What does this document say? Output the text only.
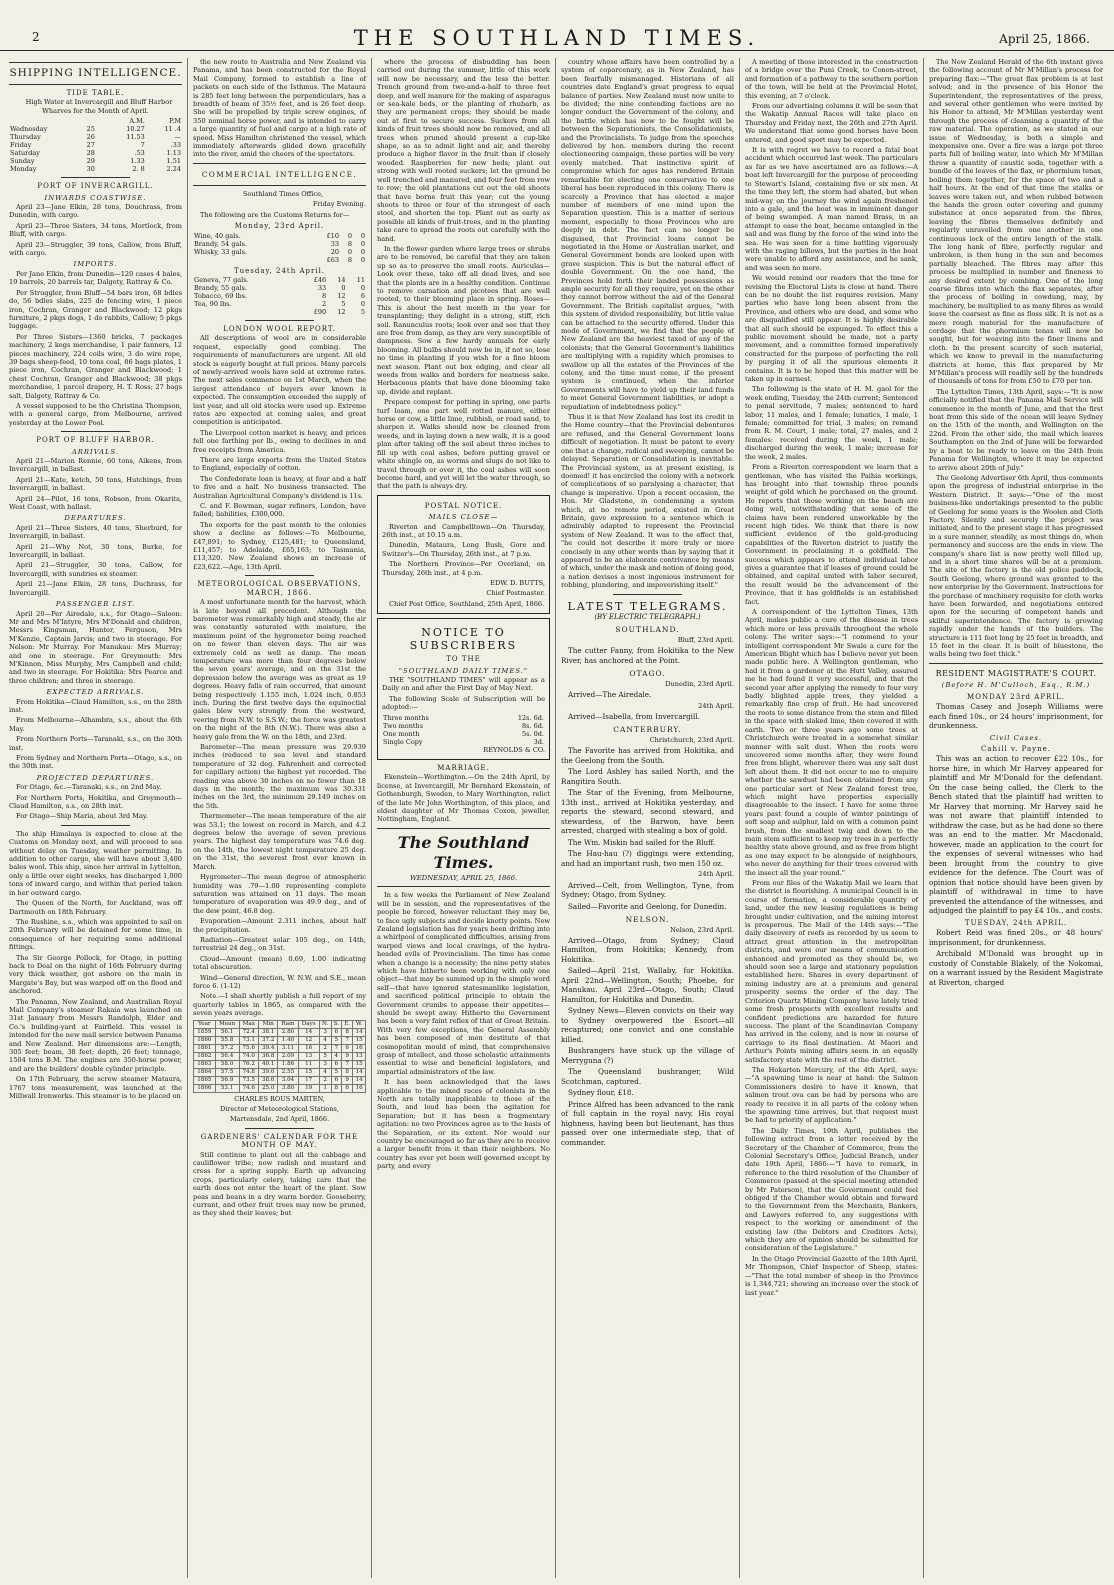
2	THE SOUTHLAND TIMES.	April 25, 1866.
SHIPPING INTELLIGENCE.
TIDE TABLE.

High Water at Invercargill and Bluff Harbor Wharves for the Month of April.

		A.M.	P.M
Wednesday	25	10.27	11 .4
Thursday	26	11.53	—
Friday	27	7	.33
Saturday	28	.53	1.13
Sunday	29	1.33	1.51
Monday	30	2. 8	2.24
PORT OF INVERCARGILL.
INWARDS COASTWISE.

April 23—Jane Elkin, 28 tons, Douchrass, from Dunedin, with cargo.

April 23—Three Sisters, 34 tons, Mortlock, from Bluff, with cargo.

April 23—Struggler, 39 tons, Callow, from Bluff, with cargo.

IMPORTS.

Per Jane Elkin, from Dunedin—120 cases 4 bales, 19 barrels, 20 barrels tar, Dalgety, Rattray & Co.

Per Struggler, from Bluff—54 bars iron, 68 bdles do, 56 bdles slabs, 225 do fencing wire, 1 piece iron, Cochran, Granger and Blackwood; 12 pkgs furniture, 2 pkgs dogs, 1 do rabbits, Callow; 5 pkgs luggage.

Per Three Sisters—1360 bricks, 7 packages machinery, 2 kegs merchandise, 1 pair fanners, 12 pieces machinery, 224 coils wire, 3 do wire rope, 39 bags sheep-feed, 10 tons coal, 86 bags plates, 1 piece iron, Cochran, Granger and Blackwood; 1 chest Cochran, Granger and Blackwood; 38 pkgs merchandise, 1 parcel drapery, H. T. Ross; 27 bags salt, Dalgety, Rattray & Co.

A vessel supposed to be the Christina Thompson, with a general cargo, from Melbourne, arrived yesterday at the Lower Pool.

PORT OF BLUFF HARBOR.
ARRIVALS.

April 21—Marion Rennie, 60 tons, Aikens, from Invercargill, in ballast.

April 21—Kate, ketch, 50 tons, Hutchings, from Invercargill, in ballast.

April 24—Pilot, 16 tons, Robson, from Okarita, West Coast, with ballast.

DEPARTURES.

April 21—Three Sisters, 40 tons, Sherburd, for Invercargill, in ballast.

April 21—Why Not, 30 tons, Burke, for Invercargill, in ballast.

April 21—Struggler, 30 tons, Callow, for Invercargill, with sundries ex steamer.

April 21—Jane Elkin, 28 tons, Duchrass, for Invercargill.

PASSENGER LIST.

April 20—Per Airedale, s.s., for Otago—Saloon: Mr and Mrs M'Intyre, Mrs M'Donald and children, Messrs Kingsman, Hunter, Ferguson, Mrs M'Kenzie, Captain Jarvis; and two in steerage. For Nelson: Mr Murray. For Manukau: Mrs Murray; and one in steerage. For Greymouth: Mrs M'Kinnon, Miss Murphy, Mrs Campbell and child; and two in steerage. For Hokitika: Mrs Pearce and three children; and three in steerage.

EXPECTED ARRIVALS.

From Hokitika—Claud Hamilton, s.s., on the 28th inst.

From Melbourne—Alhambra, s.s., about the 6th May.

From Northern Ports—Taranaki, s.s., on the 30th inst.

From Sydney and Northern Ports—Otago, s.s., on the 30th inst.

PROJECTED DEPARTURES.

For Otago, &c.—Taranaki, s.s., on 2nd May.

For Northern Ports, Hokitika, and Greymouth—Claud Hamilton, s.s., on 28th inst.

For Otago—Ship Maria, about 3rd May.

The ship Himalaya is expected to close at the Customs on Monday next, and will proceed to sea without delay on Tuesday, weather permitting. In addition to other cargo, she will have about 3,400 bales wool. This ship, since her arrival in Lyttelton, only a little over eight weeks, has discharged 1,000 tons of inward cargo, and within that period taken in her outward cargo.

The Queen of the North, for Auckland, was off Dartmouth on 18th February.

The Rushine, s.s., which was appointed to sail on 20th February will be detained for some time, in consequence of her requiring some additional fittings.

The Sir George Pollock, for Otago, in putting back to Deal on the night of 16th February during very thick weather, got ashore on the main in Margate's Bay, but was warped off on the flood and anchored.

The Panama, New Zealand, and Australian Royal Mail Company's steamer Rakaia was launched on 31st January from Messrs Randolph, Elder and Co.'s building-yard at Fairfield. This vessel is intended for the new mail service between Panama and New Zealand. Her dimensions are:—Length, 305 feet; beam, 38 feet; depth, 26 feet; tonnage, 1504 tons B.M. The engines are 350-horse power, and are the builders' double cylinder principle.

On 17th February, the screw steamer Mataura, 1767 tons measurement, was launched at the Millwall Ironworks. This steamer is to be placed on

the new route to Australia and New Zealand via Panama, and has been constructed for the Royal Mail Company, formed to establish a line of packets on each side of the Isthmus. The Mataura is 285 feet long between the perpendiculars, has a breadth of beam of 35½ feet, and is 26 feet deep. She will be propelled by triple screw engines, of 350 nominal horse power, and is intended to carry a large quantity of fuel and cargo at a high rate of speed. Miss Hamilton christened the vessel, which immediately afterwards glided down gracefully into the river, amid the cheers of the spectators.

COMMERCIAL INTELLIGENCE.

Southland Times Office,

Friday Evening.

The following are the Customs Returns for—

Monday, 23rd April.
Wine, 40 gals.	£10	0	0
Brandy, 54 gals.	33	8	0
Whisky, 33 gals.	20	0	0
	£63	8	0
Tuesday, 24th April.
Geneva, 77 gals.	£46	14	11
Brandy, 55 gals.	33	0	0
Tobacco, 69 lbs.	8	12	6
Tea, 90 lbs.	2	5	0
	£90	12	5
LONDON WOOL REPORT.

All descriptions of wool are in considerable request, especially good combing. The requirements of manufacturers are urgent. All old stock is eagerly bought at full prices. Many parcels of newly-arrived wools have sold at extreme rates. The next sales commence on 1st March, when the largest attendance of buyers ever known is expected. The consumption exceeded the supply of last year, and all old stocks were used up. Extreme rates are expected at coming sales, and great competition is anticipated.

The Liverpool cotton market is heavy, and prices fell one farthing per lb., owing to declines in and free receipts from America.

There are large exports from the United States to England, especially of cotton.

The Confederate loan is heavy, at four and a half to five and a half. No business transacted. The Australian Agricultural Company's dividend is 11s.

C. and F. Bowman, sugar refiners, London, have failed; liabilities, £300,000.

The exports for the past month to the colonies show a decline as follows:—To Melbourne, £47,891; to Sydney, £125,481; to Queensland, £11,457; to Adelaide, £65,163; to Tasmania, £13,320. New Zealand shows an increase of £23,622.—Age, 13th April.

METEOROLOGICAL OBSERVATIONS, MARCH, 1866.

A most unfortunate month for the harvest, which is late beyond all precedent. Although the barometer was remarkably high and steady, the air was constantly saturated with moisture, the maximum point of the hygrometer being reached on no fewer than eleven days. The air was extremely cold as well as damp. The mean temperature was more than four degrees below the seven years' average, and on the 31st the depression below the average was as great as 19 degrees. Heavy falls of rain occurred, that amount being respectively 1.155 inch, 1.024 inch, 0.853 inch. During the first twelve days the equinoctial gales blew very strongly from the westward, veering from N.W. to S.S.W.; the force was greatest on the night of the 8th (N.W.). There was also a heavy gale from the W. on the 18th, and 23rd.

Barometer—The mean pressure was 29.939 inches (reduced to sea level and standard temperature of 32 deg. Fahrenheit and corrected for capillary action) the highest yet recorded. The reading was above 30 inches on no fewer than 18 days in the month; the maximum was 30.331 inches on the 3rd, the minimum 29.149 inches on the 5th.

Thermometer—The mean temperature of the air was 53.1; the lowest on record in March, and 4.2 degrees below the average of seven previous years. The highest day temperature was 74.6 deg. on the 14th, the lowest night temperature 25 deg. on the 31st, the severest frost ever known in March.

Hygrometer—The mean degree of atmospheric humidity was .79—1.00 representing complete saturation was attained on 11 days. The mean temperature of evaporation was 49.9 deg., and of the dew point, 46.8 deg.

Evaporation—Amount 2.311 inches, about half the precipitation.

Radiation—Greatest solar 105 deg., on 14th, terrestrial 24 deg., on 31st.

Cloud—Amount (mean) 0.69, 1.00 indicating total obscuration.

Wind—General direction, W. N.W. and S.E., mean force 6. (1-12)

Note.—I shall shortly publish a full report of my quarterly tables in 1865, as compared with the seven years average.

Year	Mean	Max	Min	Rain	Days	N.	S.	E.	W.
1859	56.1	72.4	38.1	2.80	14	3	6	8	14
1860	55.8	73.1	37.2	1.40	12	4	5	7	15
1861	57.2	75.6	39.4	3.11	16	2	7	6	16
1862	56.4	74.0	36.8	2.09	13	5	4	9	13
1863	58.0	76.2	40.1	1.86	11	3	6	7	15
1864	57.5	74.8	39.0	2.55	15	4	5	8	14
1865	56.9	73.5	38.6	3.04	17	2	6	9	14
1866	53.1	74.6	25.0	3.80	19	1	8	6	16
CHARLES ROUS MARTEN,
Director of Meteorological Stations,
Martensdale, 2nd April, 1866.
GARDENERS' CALENDAR FOR THE MONTH OF MAY.

Still continue to plant out all the cabbage and cauliflower tribe; now radish and mustard and cress for a spring supply. Earth up advancing crops, particularly celery, taking care that the earth does not enter the heart of the plant. Sow peas and beans in a dry warm border. Gooseberry, currant, and other fruit trees may now be pruned, as they shed their leaves; but

where the process of disbudding has been carried out during the summer, little of this work will now be necessary, and the less the better. Trench ground from two-and-a-half to three feet deep, and well manure for the making of asparagus or sea-kale beds, or the planting of rhubarb, as they are permanent crops; they should be made out at first to secure success. Suckers from all kinds of fruit trees should now be removed, and all trees when pruned should present a cup-like shape, so as to admit light and air, and thereby produce a higher flavor in the fruit than if closely wooded. Raspberries for new beds; plant out strong with well rooted suckers; let the ground be well trenched and manured, and four feet from row to row; the old plantations cut out the old shoots that have borne fruit this year; cut the young shoots to three or four of the strongest of each stool, and shorten the top. Plant out as early as possible all kinds of fruit-trees, and in the planting take care to spread the roots out carefully with the hand.

In the flower garden where large trees or shrubs are to be removed, be careful that they are taken up so as to preserve the small roots. Auriculas—Look over these, take off all dead lives, and see that the plants are in a healthy condition. Continue to remove carnation and picotees that are well rooted, to their blooming place in spring. Roses—This is about the best month in the year for transplanting; they delight in a strong, stiff, rich soil. Ranunculus roots; look over and see that they are free from damp, as they are very susceptible of dampness. Sow a few hardy annuals for early blooming. All bulbs should now be in, if not so, lose no time in planting if you wish for a fine bloom next season. Plant out box edging, and clear all weeds from walks and borders for neatness sake. Herbaceous plants that have done blooming take up, divide and replant.

Prepare compost for potting in spring, one parts turf loam, one part well rotted manure, either horse or cow, a little lime, rubbish, or road sand, to sharpen it. Walks should now be cleaned from weeds, and in laying down a new walk, it is a good plan after taking off the soil about three inches to fill up with coal ashes, before putting gravel or white shingle on, as worms and slugs do not like to travel through or over it, the coal ashes will soon become hard, and yet will let the water through, so that the path is always dry.

POSTAL NOTICE.
MAILS CLOSE—

Riverton and Campbelltown—On Thursday, 26th inst., at 10.15 a.m.

Dunedin, Mataura, Long Bush, Gore and Switzer's—On Thursday, 26th inst., at 7 p.m.

The Northern Province—Per Overland, on Thursday, 26th inst., at 4 p.m.

EDW. D. BUTTS,

Chief Postmaster.

Chief Post Office, Southland, 25th April, 1866.

NOTICE TO SUBSCRIBERS
TO THE
"SOUTHLAND DAILY TIMES."

THE "SOUTHLAND TIMES" will appear as a Daily on and after the First Day of May Next.

The following Scale of Subscription will be adopted:—

Three months	12s. 6d.
Two months	8s. 6d.
One month	5s. 0d.
Single Copy	3d.

REYNOLDS & CO.

MARRIAGE.

Ekenstein—Worthington.—On the 24th April, by license, at Invercargill, Mr Bernhard Ekenstein, of Gothenburgh, Sweden, to Mary Worthington, relict of the late Mr John Worthington, of this place, and eldest daughter of Mr Thomas Coxon, jeweller, Nottingham, England.

The Southland Times.
WEDNESDAY, APRIL 25, 1866.

In a few weeks the Parliament of New Zealand will be in session, and the representatives of the people be forced, however reluctant they may be, to face ugly subjects and decide knotty points. New Zealand legislation has for years been drifting into a whirlpool of complicated difficulties, arising from warped views and local cravings, of the hydra-headed evils of Provincialism. The time has come when a change is a necessity; the nine petty states which have hitherto been working with only one object—that may be summed up in the simple word self—that have ignored statesmanlike legislation, and sacrificed political principle to obtain the Government crumbs to appease their appetites—should be swept away. Hitherto the Government has been a very faint reflex of that of Great Britain. With very few exceptions, the General Assembly has been composed of men destitute of that cosmopolitan mould of mind, that comprehensive grasp of intellect, and those scholastic attainments essential to wise and beneficial legislators, and impartial administrators of the law.

It has been acknowledged that the laws applicable to the mixed races of colonists in the North are totally inapplicable to those of the South, and loud has been the agitation for Separation; but it has been a fragmentary agitation: no two Provinces agree as to the basis of the Separation, or its extent. Nor would our country be encouraged so far as they are to receive a larger benefit from it than their neighbors. No country has ever yet been well governed except by party, and every

country whose affairs have been controlled by a system of coparcenary, as in New Zealand, has been fearfully mismanaged. Historians of all countries date England's great progress to equal balance of parties. New Zealand must now unite to be divided; the nine contending factions are no longer conduct the Government of the colony, and the battle which has now to be fought will be between the Separationists, the Consolidationists, and the Provincialists. To judge from the speeches delivered by hon. members during the recent electioneering campaign, these parties will be very evenly matched. That instinctive spirit of compromise which for ages has rendered Britain remarkable for electing one conservative to one liberal has been reproduced in this colony. There is scarcely a Province that has elected a major number of members of one mind upon the Separation question. This is a matter of serious moment, especially to those Provinces who are deeply in debt. The fact can no longer be disguised, that Provincial loans cannot be negotiated in the Home or Australian market, and General Government bonds are looked upon with grave suspicion. This is but the natural effect of double Government. On the one hand, the Provinces hold forth their landed possessions as ample security for all they require, yet on the other they cannot borrow without the aid of the General Government. The British capitalist argues, "with this system of divided responsibility, but little value can be attached to the security offered. Under this mode of Government, we find that the people of New Zealand are the heaviest taxed of any of the colonists; that the General Government's liabilities are multiplying with a rapidity which promises to swallow up all the estates of the Provinces of the colony, and the time must come, if the present system is continued, when the inferior Governments will have to yield up their land funds to meet General Government liabilities, or adopt a repudiation of indebtedness policy."

Thus it is that New Zealand has lost its credit in the Home country—that the Provincial debentures are refused, and the General Government loans difficult of negotiation. It must be patent to every one that a change, radical and sweeping, cannot be delayed. Separation or Consolidation is inevitable. The Provincial system, as at present existing, is doomed! it has encircled the colony with a network of complications of so paralysing a character, that change is imperative. Upon a recent occasion, the Hon. Mr Gladstone, in condemning a system which, at no remote period, existed in Great Britain, gave expression to a sentence which is admirably adapted to represent the Provincial system of New Zealand. It was to the effect that, "he could not describe it more truly or more concisely in any other words than by saying that it appeared to be an elaborate contrivance by means of which, under the mask and notion of doing good, a nation devises a most ingenious instrument for robbing, plundering, and impoverishing itself."

LATEST TELEGRAMS.
(BY ELECTRIC TELEGRAPH.)
SOUTHLAND.

Bluff, 23rd April.

The cutter Fanny, from Hokitika to the New River, has anchored at the Point.

OTAGO.

Dunedin, 23rd April.

Arrived—The Airedale.

24th April.

Arrived—Isabella, from Invercargill.

CANTERBURY.

Christchurch, 23rd April.

The Favorite has arrived from Hokitika, and the Geelong from the South.

The Lord Ashley has sailed North, and the Rangitira South.

The Star of the Evening, from Melbourne, 13th inst., arrived at Hokitika yesterday, and reports the steward, second steward, and stewardess, of the Barwon, have been arrested, charged with stealing a box of gold.

The Wm. Miskin had sailed for the Bluff.

The Hau-hau (?) diggings were extending, and had an important rush, two men 150 oz.

24th April.

Arrived—Celt, from Wellington, Tyne, from Sydney; Otago, from Sydney.

Sailed—Favorite and Geelong, for Dunedin.

NELSON.

Nelson, 23rd April.

Arrived—Otago, from Sydney; Claud Hamilton, from Hokitika; Kennedy, from Hokitika.

Sailed—April 21st, Wallaby, for Hokitika. April 22nd—Wellington, South; Phoebe, for Manukau. April 23rd—Otago, South; Claud Hamilton, for Hokitika and Dunedin.

Sydney News—Eleven convicts on their way to Sydney overpowered the Escort—all recaptured; one convict and one constable killed.

Bushrangers have stuck up the village of Merryguna (?)

The Queensland bushranger, Wild Scotchman, captured.

Sydney flour, £18.

Prince Alfred has been advanced to the rank of full captain in the royal navy. His royal highness, having been but lieutenant, has thus passed over one intermediate step, that of commander.

A meeting of those interested in the construction of a bridge over the Puni Creek, to Conon-street, and formation of a pathway to the southern portion of the town, will be held at the Provincial Hotel, this evening, at 7 o'clock.

From our advertising columns it will be seen that the Wakatip Annual Races will take place on Thursday and Friday next, the 26th and 27th April. We understand that some good horses have been entered, and good sport may be expected.

It is with regret we have to record a fatal boat accident which occurred last week. The particulars as far as we have ascertained are as follows:—A boat left Invercargill for the purpose of proceeding to Stewart's Island, containing five or six men. At the time they left, the storm had abated, but when mid-way on the journey the wind again freshened into a gale, and the boat was in imminent danger of being swamped. A man named Brass, in an attempt to ease the boat, became entangled in the sail and was flung by the force of the wind into the sea. He was seen for a time battling vigorously with the raging billows, but the parties in the boat were unable to afford any assistance, and he sank, and was seen no more.

We would remind our readers that the time for revising the Electoral Lists is close at hand. There can be no doubt the list requires revision. Many parties who have long been absent from the Province, and others who are dead, and some who are disqualified still appear. It is highly desirable that all such should be expunged. To effect this a public movement should be made, not a party movement, and a committee formed imperatively constructed for the purpose of perfecting the roll by purging it of all the spurious elements it contains. It is to be hoped that this matter will be taken up in earnest.

The following is the state of H. M. gaol for the week ending, Tuesday, the 24th current; Sentenced to penal servitude, 7 males; sentenced to hard labor, 11 males, and 1 female; lunatics, 1 male, 1 female; committed for trial, 3 males; on remand from R. M. Court, 1 male; total, 27 males, and 2 females: received during the week, 1 male; discharged during the week, 1 male; increase for the week, 2 males.

From a Riverton correspondent we learn that a gentleman, who has visited the Paihia workings, has brought into that township three pounds weight of gold which he purchased on the ground. He reports that those working on the beach are doing well, notwithstanding that some of the claims have been rendered unworkable by the recent high tides. We think that there is now sufficient evidence of the gold-producing capabilities of the Riverton district to justify the Government in proclaiming it a goldfield. The success which appears to attend individual labor gives a guarantee that if leases of ground could be obtained, and capital united with labor secured, the result would be the advancement of the Province, that it has goldfields is an established fact.

A correspondent of the Lyttelton Times, 13th April, makes public a cure of the disease in trees which more or less prevails throughout the whole colony. The writer says:—"I commend to your intelligent correspondent Mr Swale a cure for the American Blight which has I believe never yet been made public here. A Wellington gentleman, who had it from a gardener at the Hutt Valley, assured me he had found it very successful, and that the second year after applying the remedy to four very badly blighted apple trees, they yielded a remarkably fine crop of fruit. He had uncovered the roots to some distance from the stem and filled in the space with slaked lime, then covered it with earth. Two or three years ago some trees at Christchurch were treated in a somewhat similar manner with salt dust. When the roots were uncovered some months after, they were found free from blight, wherever there was any salt dust left about them. It did not occur to me to enquire whether the sawdust had been obtained from any one particular sort of New Zealand forest tree, which might have properties especially disagreeable to the insect. I have for some three years past found a couple of winter paintings of soft soap and sulphur, laid on with a common paint brush, from the smallest twig and down to the main stem sufficient to keep my trees in a perfectly healthy state above ground, and as free from blight as one may expect to be alongside of neighbours, who never do anything for their trees covered with the insect all the year round."

From our files of the Wakatip Mail we learn that the district is flourishing. A municipal Council is in course of formation, a considerable quantity of land, under the new leasing regulations is being brought under cultivation, and the mining interest is prosperous. The Mail of the 14th says:—"The daily discovery of reefs as recorded by us seem to attract great attention in the metropolitan districts, and were our means of communication enhanced and promoted as they should be, we should soon see a large and stationary population established here. Shares in every department of mining industry are at a premium and general prosperity seems the order of the day. The Criterion Quartz Mining Company have lately tried some fresh prospects with excellent results and confident predictions are hazarded for future success. The plant of the Scandinavian Company has arrived in the colony, and is now in course of carriage to its final destination. At Maori and Arthur's Points mining affairs seem in an equally satisfactory state with the rest of the district.

The Hokarten Mercury, of the 4th April, says:—"A spawning time is near at hand: the Salmon Commissioners desire to have it known, that salmon trout ova can be had by persons who are ready to receive it in all parts of the colony when the spawning time arrives, but that request must be had to priority of application."

The Daily Times, 19th April, publishes the following extract from a letter received by the Secretary of the Chamber of Commerce, from the Colonial Secretary's Office, Judicial Branch, under date 19th April, 1866:—"I have to remark, in reference to the third resolution of the Chamber of Commerce (passed at the special meeting attended by Mr Paterson), that the Government could feel obliged if the Chamber would obtain and forward to the Government from the Merchants, Bankers, and Lawyers referred to, any suggestions with respect to the working or amendment of the existing law (the Debtors and Creditors Acts), which they are of opinion should be submitted for consideration of the Legislature."

In the Otago Provincial Gazette of the 18th April, Mr Thompson, Chief Inspector of Sheep, states:—"That the total number of sheep in the Province is 1,344,721; showing an increase over the stock of last year."

The New Zealand Herald of the 6th instant gives the following account of Mr M'Millan's process for preparing flax:—"The great flax problem is at last solved; and in the presence of his Honor the Superintendent, the representatives of the press, and several other gentlemen who were invited by his Honor to attend, Mr M'Millan yesterday went through the process of cleansing a quantity of the raw material. The operation, as we stated in our issue of Wednesday, is both a simple and inexpensive one. Over a fire was a large pot three parts full of boiling water, into which Mr M'Millan threw a quantity of caustic soda, together with a bundle of the leaves of the flax, or phormium tenax, boiling them together, for the space of two and a half hours. At the end of that time the stalks or leaves were taken out, and when rubbed between the hands the green outer covering and gummy substance at once separated from the fibres, leaving the fibres themselves definitely and regularly unravelled from one another in one continuous lock of the entire length of the stalk. The long hank of fibre, perfectly regular and unbroken, is then hung in the sun and becomes partially bleached. The fibres may after this process be multiplied in number and fineness to any desired extent by combing. One of the long coarse fibres into which the flax separates, after the process of boiling in cowdung, may, by machinery, be multiplied to as many fibres as would leave the coarsest as fine as floss silk. It is not as a mere rough material for the manufacture of cordage that the phormium tenax will now be sought, but for weaving into the finer linens and cloth. In the present scarcity of such material, which we know to prevail in the manufacturing districts at home, this flax prepared by Mr M'Millan's process will readily sell by the hundreds of thousands of tons for from £50 to £70 per ton.

The Lyttelton Times, 13th April, says:—"It is now officially notified that the Panama Mail Service will commence in the month of June, and that the first boat from this side of the ocean will leave Sydney on the 15th of the month, and Wellington on the 22nd. From the other side, the mail which leaves Southampton on the 2nd of June will be forwarded by a boat to be ready to leave on the 24th from Panama for Wellington, where it may be expected to arrive about 20th of July."

The Geelong Advertiser 6th April, thus comments upon the progress of industrial enterprise in the Western District. It says:—"One of the most business-like undertakings presented to the public of Geelong for some years is the Woolen and Cloth Factory. Silently and securely the project was initiated, and to the present stage it has progressed in a sure manner, steadily, as most things do, when permanency and success are the ends in view. The company's share list is now pretty well filled up, and in a short time shares will be at a premium. The site of the factory is the old police paddock, South Geelong, where ground was granted to the new enterprise by the Government. Instructions for the purchase of machinery requisite for cloth works have been forwarded, and negotiations entered upon for the securing of competent hands and skilful superintendence. The factory is growing rapidly under the hands of the builders. The structure is 111 feet long by 25 feet in breadth, and 15 feet in the clear. It is built of bluestone, the walls being two feet thick."

RESIDENT MAGISTRATE'S COURT.
(Before H. M'Culloch, Esq., R.M.)
MONDAY 23rd APRIL.

Thomas Casey and Joseph Williams were each fined 10s., or 24 hours' imprisonment, for drunkenness.

Civil Cases.
Cahill v. Payne.

This was an action to recover £22 10s., for horse hire, in which Mr Harvey appeared for plaintiff and Mr M'Donald for the defendant. On the case being called, the Clerk to the Bench stated that the plaintiff had written to Mr Harvey that morning. Mr Harvey said he was not aware that plaintiff intended to withdraw the case, but as he had done so there was an end to the matter. Mr Macdonald, however, made an application to the court for the expenses of several witnesses who had been brought from the country to give evidence for the defence. The Court was of opinion that notice should have been given by plaintiff of withdrawal in time to have prevented the attendance of the witnesses, and adjudged the plaintiff to pay £4 10s., and costs.

TUESDAY, 24th APRIL.

Robert Reid was fined 20s., or 48 hours' imprisonment, for drunkenness.

Archibald M'Donald was brought up in custody of Constable Blakely, of the Nokomai, on a warrant issued by the Resident Magistrate at Riverton, charged
